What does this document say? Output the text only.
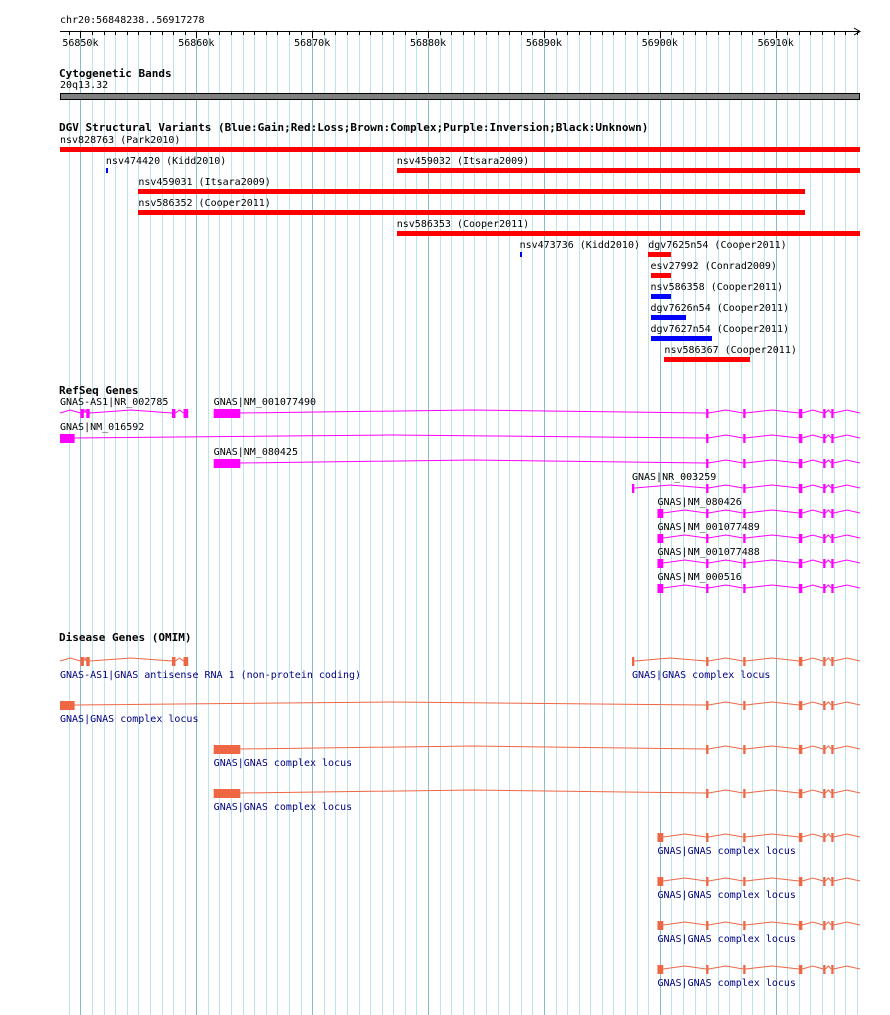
56850k	56860k	56870k	56880k	56890k	56900k	56910k
chr20:56848238..56917278
Cytogenetic Bands
20q13.32
DGV Structural Variants (Blue:Gain;Red:Loss;Brown:Complex;Purple:Inversion;Black:Unknown)
nsv828763 (Park2010)
nsv474420 (Kidd2010)	nsv459032 (Itsara2009)
nsv459031 (Itsara2009)
nsv586352 (Cooper2011)
nsv586353 (Cooper2011)
nsv473736 (Kidd2010) dgv7625n54 (Cooper2011)
esv27992 (Conrad2009)
nsv586358 (Cooper2011)
dgv7626n54 (Cooper2011)
dgv7627n54 (Cooper2011)
nsv586367 (Cooper2011)
RefSeq Genes
GNAS-AS1|NR_002785	GNAS|NM_001077490
GNAS|NM_016592
GNAS|NM_080425
GNAS|NR_003259
GNAS|NM_080426
GNAS|NM_001077489
GNAS|NM_001077488
GNAS|NM_000516
Disease Genes (OMIM)
GNAS-AS1|GNAS antisense RNA 1 (non-protein coding)	GNAS|GNAS complex locus
GNAS|GNAS complex locus
GNAS|GNAS complex locus
GNAS|GNAS complex locus
GNAS|GNAS complex locus
GNAS|GNAS complex locus
GNAS|GNAS complex locus
GNAS|GNAS complex locus
